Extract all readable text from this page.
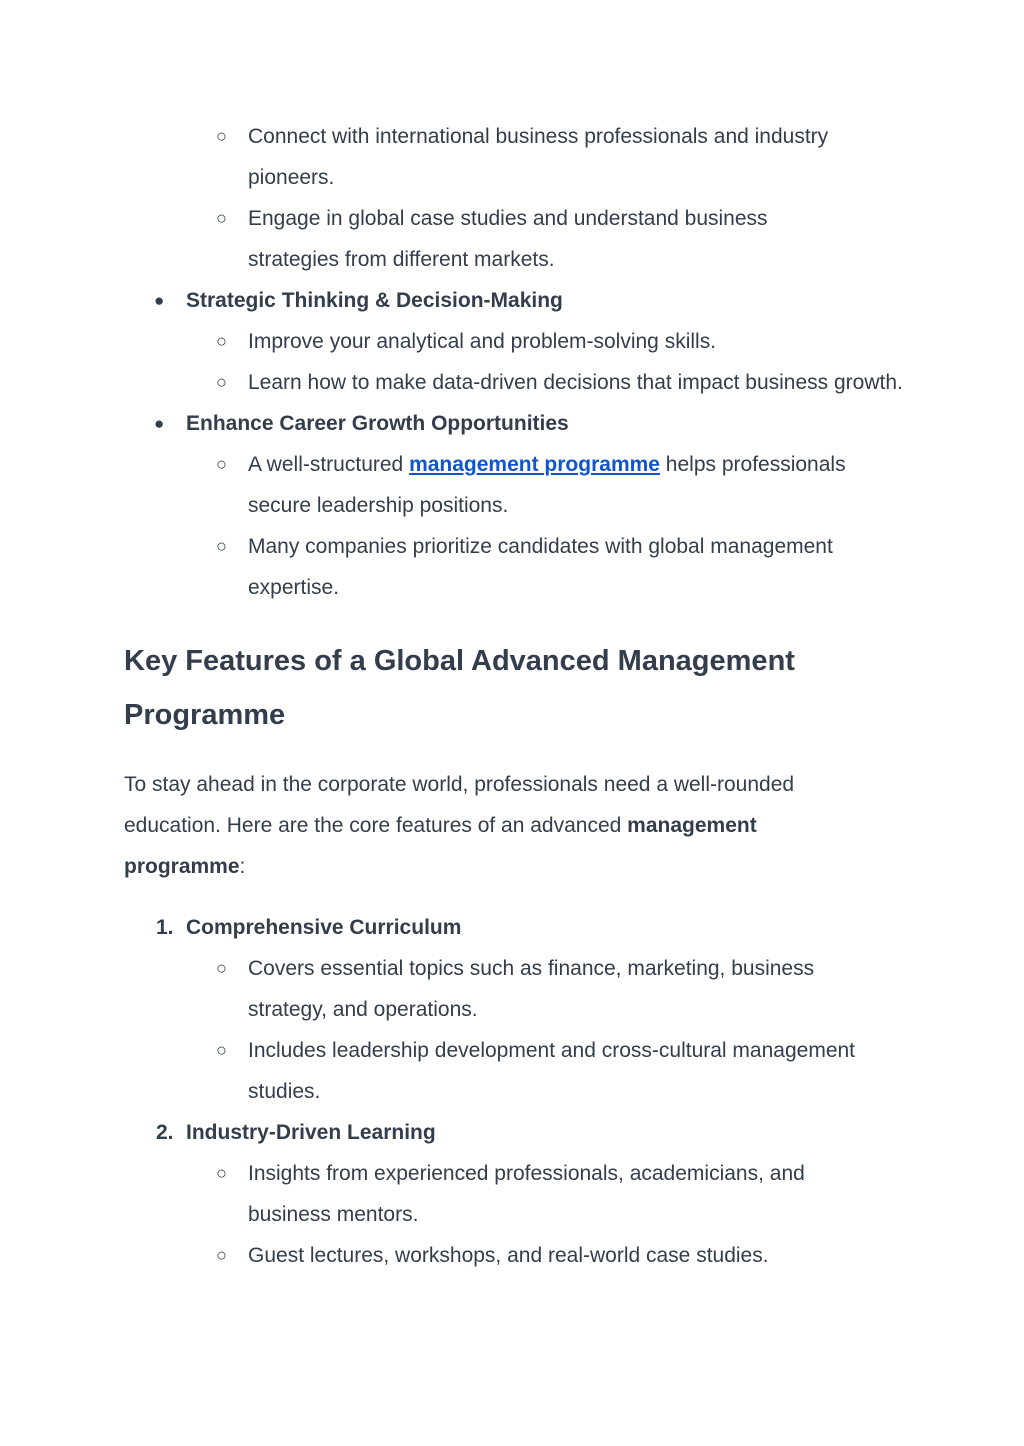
○ Connect with international business professionals and industry pioneers.
○ Engage in global case studies and understand business strategies from different markets.
● Strategic Thinking & Decision-Making
○ Improve your analytical and problem-solving skills.
○ Learn how to make data-driven decisions that impact business growth.
● Enhance Career Growth Opportunities
○ A well-structured management programme helps professionals secure leadership positions.
○ Many companies prioritize candidates with global management expertise.
Key Features of a Global Advanced Management Programme

To stay ahead in the corporate world, professionals need a well-rounded education. Here are the core features of an advanced management programme:

1. Comprehensive Curriculum
○ Covers essential topics such as finance, marketing, business strategy, and operations.
○ Includes leadership development and cross-cultural management studies.
2. Industry-Driven Learning
○ Insights from experienced professionals, academicians, and business mentors.
○ Guest lectures, workshops, and real-world case studies.
